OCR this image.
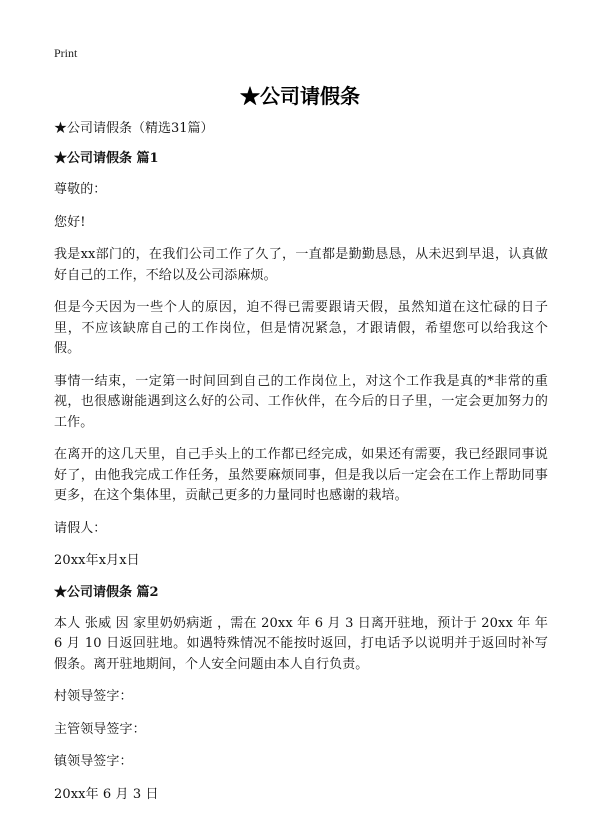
Print
★公司请假条

★公司请假条（精选31篇）

★公司请假条 篇1

尊敬的：

您好!

我是xx部门的，在我们公司工作了久了，一直都是勤勤恳恳，从未迟到早退，认真做好自己的工作，不给以及公司添麻烦。

但是今天因为一些个人的原因，迫不得已需要跟请天假，虽然知道在这忙碌的日子里，不应该缺席自己的工作岗位，但是情况紧急，才跟请假，希望您可以给我这个假。

事情一结束，一定第一时间回到自己的工作岗位上，对这个工作我是真的*非常的重视，也很感谢能遇到这么好的公司、工作伙伴，在今后的日子里，一定会更加努力的工作。

在离开的这几天里，自己手头上的工作都已经完成，如果还有需要，我已经跟同事说好了，由他我完成工作任务，虽然要麻烦同事，但是我以后一定会在工作上帮助同事更多，在这个集体里，贡献己更多的力量同时也感谢的栽培。

请假人：

20xx年x月x日

★公司请假条 篇2

本人 张威 因 家里奶奶病逝 ，需在 20xx 年 6 月 3 日离开驻地，预计于 20xx 年 年 6 月 10 日返回驻地。如遇特殊情况不能按时返回，打电话予以说明并于返回时补写假条。离开驻地期间，个人安全问题由本人自行负责。

村领导签字：

主管领导签字：

镇领导签字：

20xx年 6 月 3 日
